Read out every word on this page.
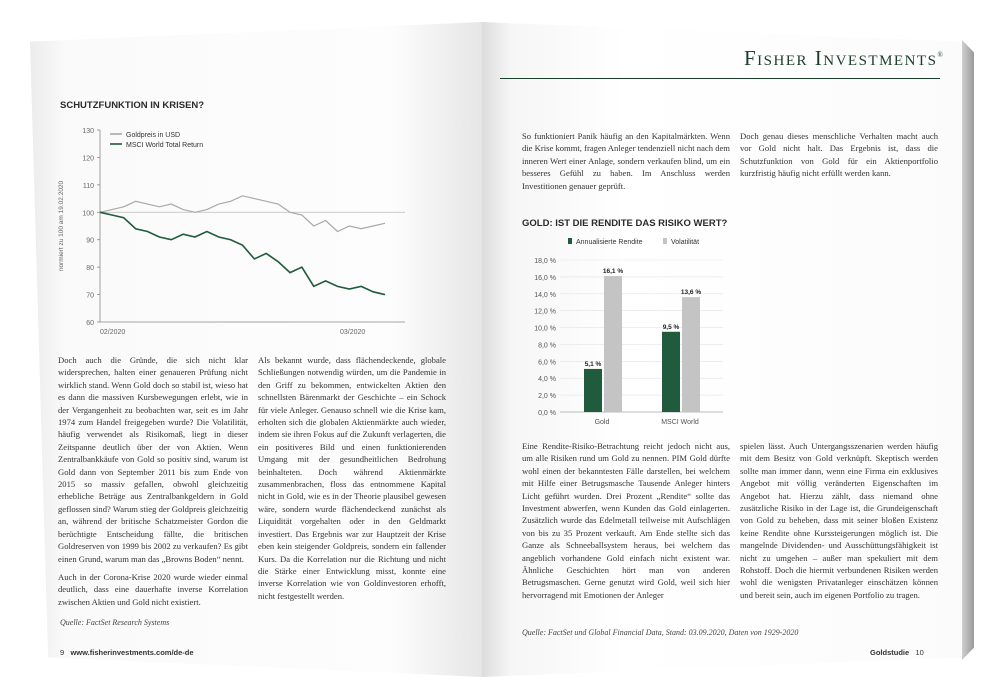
Fisher Investments®
SCHUTZFUNKTION IN KRISEN?
130
120
110
100
90
80
70
60
normiert zu 100 am 19.02.2020
02/2020	03/2020
Goldpreis in USD
MSCI World Total Return

Doch auch die Gründe, die sich nicht klar widersprechen, halten einer genaueren Prüfung nicht wirklich stand. Wenn Gold doch so stabil ist, wieso hat es dann die massiven Kursbewegungen erlebt, wie in der Vergangenheit zu beobachten war, seit es im Jahr 1974 zum Handel freigegeben wurde? Die Volatilität, häufig verwendet als Risikomaß, liegt in dieser Zeitspanne deutlich über der von Aktien. Wenn Zentralbankkäufe von Gold so positiv sind, warum ist Gold dann von September 2011 bis zum Ende von 2015 so massiv gefallen, obwohl gleichzeitig erhebliche Beträge aus Zentralbankgeldern in Gold geflossen sind? Warum stieg der Goldpreis gleichzeitig an, während der britische Schatzmeister Gordon die berüchtigte Entscheidung fällte, die britischen Goldreserven von 1999 bis 2002 zu verkaufen? Es gibt einen Grund, warum man das „Browns Boden“ nennt.

Auch in der Corona-Krise 2020 wurde wieder einmal deutlich, dass eine dauerhafte inverse Korrelation zwischen Aktien und Gold nicht existiert.

Als bekannt wurde, dass flächendeckende, globale Schließungen notwendig würden, um die Pandemie in den Griff zu bekommen, entwickelten Aktien den schnellsten Bärenmarkt der Geschichte – ein Schock für viele Anleger. Genauso schnell wie die Krise kam, erholten sich die globalen Aktienmärkte auch wieder, indem sie ihren Fokus auf die Zukunft verlagerten, die ein positiveres Bild und einen funktionierenden Umgang mit der gesundheitlichen Bedrohung beinhalteten. Doch während Aktienmärkte zusammenbrachen, floss das entnommene Kapital nicht in Gold, wie es in der Theorie plausibel gewesen wäre, sondern wurde flächendeckend zunächst als Liquidität vorgehalten oder in den Geldmarkt investiert. Das Ergebnis war zur Hauptzeit der Krise eben kein steigender Goldpreis, sondern ein fallender Kurs. Da die Korrelation nur die Richtung und nicht die Stärke einer Entwicklung misst, konnte eine inverse Korrelation wie von Goldinvestoren erhofft, nicht festgestellt werden.

Quelle: FactSet Research Systems
9 www.fisherinvestments.com/de-de

So funktioniert Panik häufig an den Kapitalmärkten. Wenn die Krise kommt, fragen Anleger tendenziell nicht nach dem inneren Wert einer Anlage, sondern verkaufen blind, um ein besseres Gefühl zu haben. Im Anschluss werden Investitionen genauer geprüft.

Doch genau dieses menschliche Verhalten macht auch vor Gold nicht halt. Das Ergebnis ist, dass die Schutzfunktion von Gold für ein Aktienportfolio kurzfristig häufig nicht erfüllt werden kann.

GOLD: IST DIE RENDITE DAS RISIKO WERT?
Annualisierte Rendite	Volatilität
18,0 %
16,0 %
14,0 %
12,0 %
10,0 %
8,0 %
6,0 %
4,0 %
2,0 %
0,0 %
5,1 %
16,1 %
Gold
9,5 %
13,6 %
MSCI World

Eine Rendite-Risiko-Betrachtung reicht jedoch nicht aus, um alle Risiken rund um Gold zu nennen. PIM Gold dürfte wohl einen der bekanntesten Fälle darstellen, bei welchem mit Hilfe einer Betrugsmasche Tausende Anleger hinters Licht geführt wurden. Drei Prozent „Rendite“ sollte das Investment abwerfen, wenn Kunden das Gold einlagerten. Zusätzlich wurde das Edelmetall teilweise mit Aufschlägen von bis zu 35 Prozent verkauft. Am Ende stellte sich das Ganze als Schneeballsystem heraus, bei welchem das angeblich vorhandene Gold einfach nicht existent war. Ähnliche Geschichten hört man von anderen Betrugsmaschen. Gerne genutzt wird Gold, weil sich hier hervorragend mit Emotionen der Anleger

spielen lässt. Auch Untergangsszenarien werden häufig mit dem Besitz von Gold verknüpft. Skeptisch werden sollte man immer dann, wenn eine Firma ein exklusives Angebot mit völlig veränderten Eigenschaften im Angebot hat. Hierzu zählt, dass niemand ohne zusätzliche Risiko in der Lage ist, die Grundeigenschaft von Gold zu beheben, dass mit seiner bloßen Existenz keine Rendite ohne Kurssteigerungen möglich ist. Die mangelnde Dividenden- und Ausschüttungsfähigkeit ist nicht zu umgehen – außer man spekuliert mit dem Rohstoff. Doch die hiermit verbundenen Risiken werden wohl die wenigsten Privatanleger einschätzen können und bereit sein, auch im eigenen Portfolio zu tragen.

Quelle: FactSet und Global Financial Data, Stand: 03.09.2020, Daten von 1929-2020
Goldstudie 10
